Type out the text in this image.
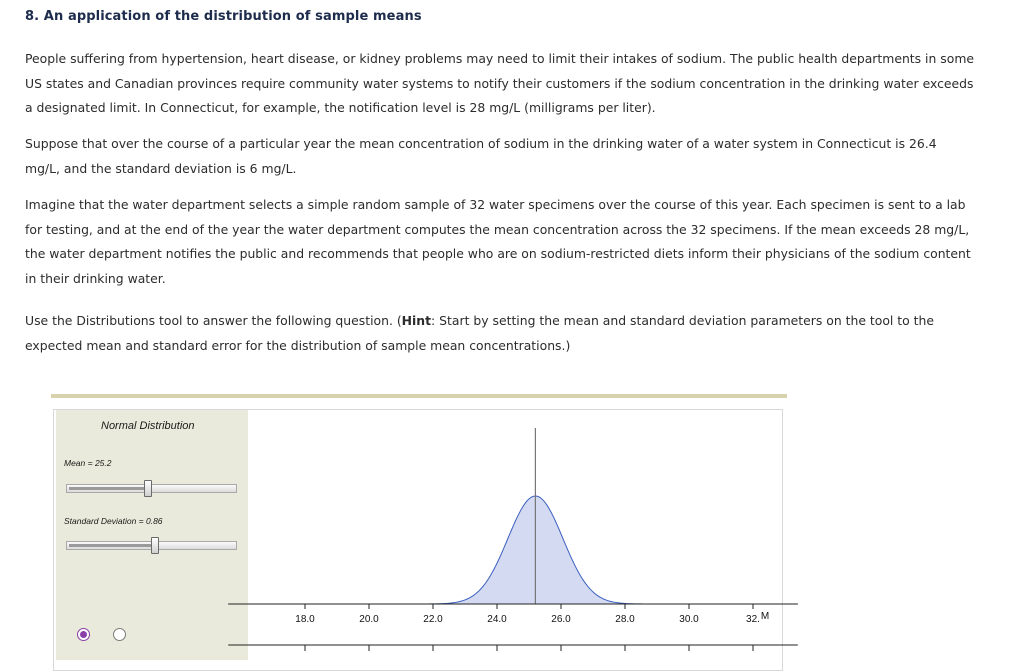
8. An application of the distribution of sample means

People suffering from hypertension, heart disease, or kidney problems may need to limit their intakes of sodium. The public health departments in some US states and Canadian provinces require community water systems to notify their customers if the sodium concentration in the drinking water exceeds a designated limit. In Connecticut, for example, the notification level is 28 mg/L (milligrams per liter).

Suppose that over the course of a particular year the mean concentration of sodium in the drinking water of a water system in Connecticut is 26.4 mg/L, and the standard deviation is 6 mg/L.

Imagine that the water department selects a simple random sample of 32 water specimens over the course of this year. Each specimen is sent to a lab for testing, and at the end of the year the water department computes the mean concentration across the 32 specimens. If the mean exceeds 28 mg/L, the water department notifies the public and recommends that people who are on sodium-restricted diets inform their physicians of the sodium content in their drinking water.

Use the Distributions tool to answer the following question. (Hint: Start by setting the mean and standard deviation parameters on the tool to the expected mean and standard error for the distribution of sample mean concentrations.)

Normal Distribution
Mean = 25.2
Standard Deviation = 0.86
18.0	20.0	22.0	24.0	26.0	28.0	30.0	32. M
